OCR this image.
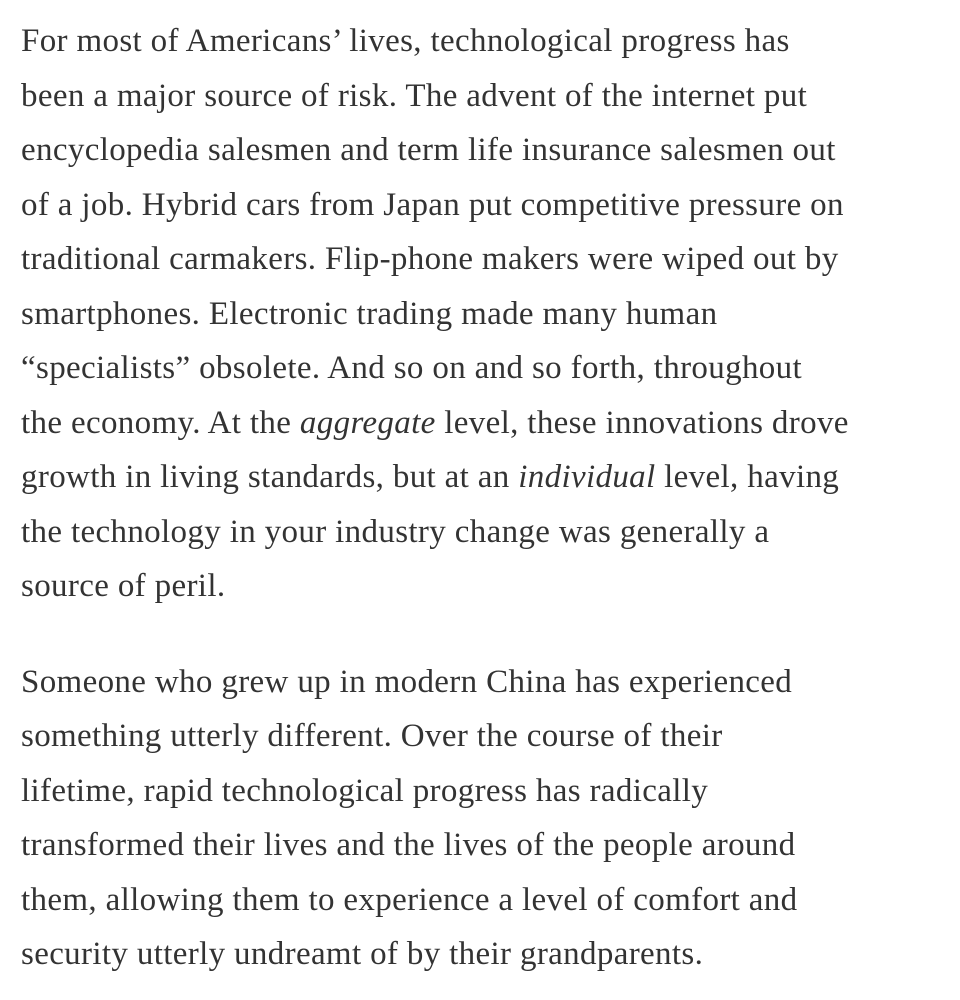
For most of Americans’ lives, technological progress has
been a major source of risk. The advent of the internet put
encyclopedia salesmen and term life insurance salesmen out
of a job. Hybrid cars from Japan put competitive pressure on
traditional carmakers. Flip-phone makers were wiped out by
smartphones. Electronic trading made many human
“specialists” obsolete. And so on and so forth, throughout
the economy. At the aggregate level, these innovations drove
growth in living standards, but at an individual level, having
the technology in your industry change was generally a
source of peril.

Someone who grew up in modern China has experienced
something utterly different. Over the course of their
lifetime, rapid technological progress has radically
transformed their lives and the lives of the people around
them, allowing them to experience a level of comfort and
security utterly undreamt of by their grandparents.
